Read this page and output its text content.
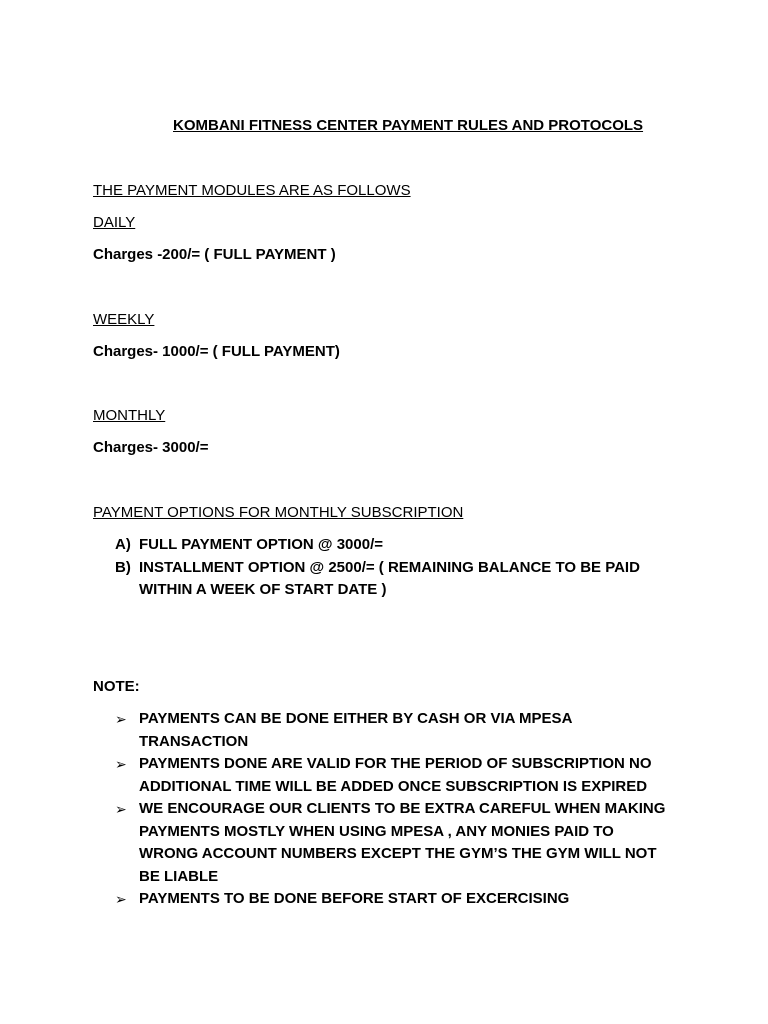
KOMBANI FITNESS CENTER PAYMENT RULES AND PROTOCOLS
THE PAYMENT MODULES ARE AS FOLLOWS
DAILY
Charges -200/= ( FULL PAYMENT )
WEEKLY
Charges- 1000/= ( FULL PAYMENT)
MONTHLY
Charges- 3000/=
PAYMENT OPTIONS FOR MONTHLY SUBSCRIPTION
A) FULL PAYMENT OPTION @ 3000/=
B) INSTALLMENT OPTION @ 2500/= ( REMAINING BALANCE TO BE PAID WITHIN A WEEK OF START DATE )
NOTE:
➢ PAYMENTS CAN BE DONE EITHER BY CASH OR VIA MPESA TRANSACTION
➢ PAYMENTS DONE ARE VALID FOR THE PERIOD OF SUBSCRIPTION NO ADDITIONAL TIME WILL BE ADDED ONCE SUBSCRIPTION IS EXPIRED
➢ WE ENCOURAGE OUR CLIENTS TO BE EXTRA CAREFUL WHEN MAKING PAYMENTS MOSTLY WHEN USING MPESA , ANY MONIES PAID TO WRONG ACCOUNT NUMBERS EXCEPT THE GYM’S THE GYM WILL NOT BE LIABLE
➢ PAYMENTS TO BE DONE BEFORE START OF EXCERCISING
